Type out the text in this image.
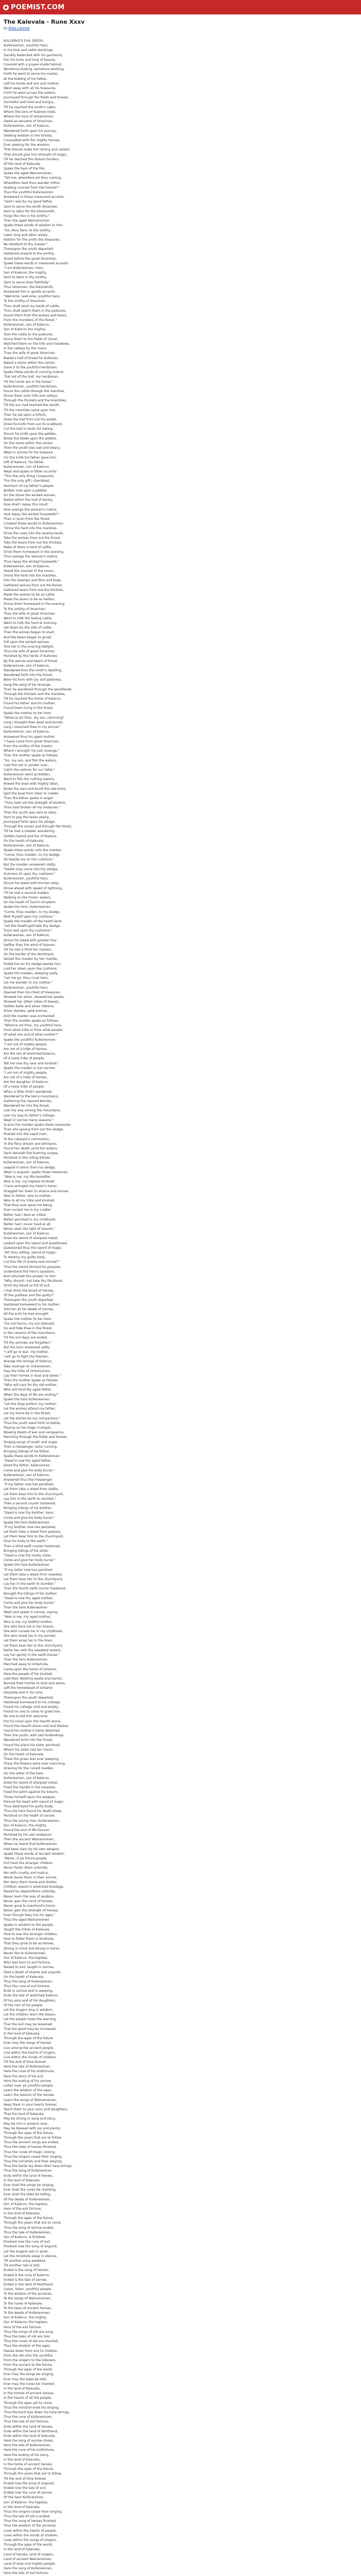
POEMIST.COM
The Kalevala - Rune Xxxv
by Elias Lönnrot
KULLERVO'S EVIL DEEDS.
Kullerwoinen, youthful hero,
In his blue and sable stockings,
Gaudily bedecked with his garments,
Fair his locks and long of beauty,
Covered with a prayer-made helmet,
Wondrous-looking, wondrous-working,
Forth he went to serve his master,
At the bidding of his father,
Left his home and sire and mother,
Went away with all his treasures.
Forth he went across the waters,
Journeyed through the fields and forests,
Sorrowful and tired and hungry,
Till he reached the smith's cabin,
Where the sons of Kalerwo lived,
Where the sons of Untamoinen,
Dwelt as servants of Ilmarinen.
Kullerwoinen, son of Kalervo,
Wandered forth upon his journey,
Seeking wisdom in the forests,
Counselled with the mighty heroes,
Ever seeking for the wisdom,
That should make him strong and valiant,
That should give him strength of magic,
Till he reached the distant borders,
Of the land of Kalevala.
Spake the hero of the fire,
Spake the aged Wainamoinen:
"Tell me, wherefore art thou coming,
Wherefore dost thou wander hither,
Seeking counsel from the heroes?"
Thus the youthful Kullerwoinen
Answered in these measured accents:
"Sent I was by my good father,
Sent to serve the smith Ilmarinen,
Sent to labor for the blacksmith,
Forge the iron in his smithy."
Then the aged Wainamoinen
Spake these words of wisdom to him:
"Go, thou hero, to the smithy,
Labor long and labor wisely,
Fashion for the smith the treasures,
Be obedient to thy master."
Thereupon the youth departed,
Hastened onward to the smithy,
Stood before the great Ilmarinen,
Spake these words in measured accents:
"I am Kullerwoinen, hero,
Son of Kalervo, the mighty,
Sent to labor in thy smithy,
Sent to serve thee faithfully."
Thus Ilmarinen, the blacksmith,
Answered him in gentle accents:
"Welcome, welcome, youthful hero,
To the smithy of Ilmarinen.
Thou shalt tend my herds of cattle,
Thou shalt watch them in the pastures,
Guard them from the wolves and bears,
From the monsters of the forest."
Kullerwoinen, son of Kalervo,
Son of Kalervo the mighty,
Took the cattle to the pastures,
Drove them to the fields of clover,
Watched them on the hills and meadows,
In the valleys by the rivers.
Then the wife of great Ilmarinen
Baked a loaf of bread for Kullerwo,
Baked a stone within the center,
Gave it to the youthful herdsman,
Spake these words of cunning malice:
"Eat not of the loaf, my herdsman,
Till the herds are in the forest."
Kullerwoinen, youthful herdsman,
Drove the cattle through the marshes,
Drove them over hills and valleys,
Through the thickets and the brambles,
Till the sun had reached the zenith,
Till the noontide came upon him.
Then he sat upon a hillock,
Drew the loaf from out his wallet,
Drew his knife from out its scabbard,
Cut the loaf in twain for eating,
Struck his knife upon the pebble,
Broke the blade upon the pebble,
On the stone within the center.
Then the youth was sad and weary,
Wept in sorrow for his treasure,
For the knife his father gave him,
Gift of Kalervo, his father.
Kullerwoinen, son of Kalervo,
Wept and spake in bitter accents:
"This the only thing I treasured,
This the only gift I cherished,
Heirloom of my father's people,
Broken now upon a pebble,
On the stone the wicked woman,
Baked within the loaf of barley.
How shall I repay this insult,
How avenge the woman's malice,
How repay the wicked housewife?"
Then a raven from the forest
Croaked these words to Kullerwoinen:
"Drive the herd into the marshes,
Drive the cows into the swamp-lands,
Take the wolves from out the forest,
Take the bears from out the thickets,
Make of them a herd of cattle,
Drive them homeward in the evening.
Thus avenge the woman's malice,
Thus repay the wicked housewife."
Kullerwoinen, son of Kalervo,
Heard the counsel of the raven,
Drove the herd into the marshes,
Into the swamps and fens and bogs,
Gathered wolves from out the forest,
Gathered bears from out the thickets,
Made the wolves to be as cattle,
Made the bears to be as heifers,
Drove them homeward in the evening,
To the smithy of Ilmarinen.
Then the wife of great Ilmarinen
Went to milk the lowing cattle,
Went to milk the herd at evening,
Sat down by the side of cattle.
Then the wolves began to snarl,
And the bears began to growl,
Fell upon the wicked woman,
Tore her in the evening twilight.
Thus the wife of great Ilmarinen
Perished by the herds of Kullerwo,
By the wolves and bears of forest.
Kullerwoinen, son of Kalervo,
Wandered from the smith's dwelling,
Wandered forth into the forest,
Blew his horn with joy and gladness,
Sang the song of his revenge.
Then he wandered through the woodlands,
Through the thickets and the marshes,
Till he reached the home of Kalervo,
Found his father and his mother,
Found them living in the forest.
Spake the mother to her hero:
"Whence art thou, my son, returning?
Long I thought thee dead and buried,
Long I mourned thee in my sorrow."
Kullerwoinen, son of Kalervo,
Answered thus his aged mother:
"I have come from great Ilmarinen,
From the smithy of the master,
Where I wrought my just revenge."
Then the mother spake as follows:
"Go, my son, and fish the waters,
Cast the net in yonder river,
Catch the salmon for our table."
Kullerwoinen went as bidden,
Went to fish the rushing waters,
Rowed the boat with mighty labor,
Broke the oars and burst the row-locks,
Split the boat from stem to rudder.
Then the father spake in anger:
"Thou hast not the strength of wisdom,
Thou hast broken all my treasures."
Then the youth was sent to labor,
Sent to pay the taxes yearly,
Journeyed forth upon his sledge,
Through the snows and through the forest,
Till he met a maiden wandering,
Golden-haired and fair of feature,
On the heath of Kalevala.
Kullerwoinen, son of Kalervo,
Spake these words unto the maiden:
"Come, thou maiden, to my sledge,
Sit beside me on the cushions."
But the maiden answered coldly:
"Death may come into thy sledge,
Sickness sit upon thy cushions!"
Kullerwoinen, youthful hero,
Struck his steed with birchen whip,
Drove ahead with speed of lightning,
Till he met a second maiden,
Walking on the frozen waters,
On the heath of Tuoni's kingdom.
Spake the hero, Kullerwoinen:
"Come, thou maiden, to my sledge,
Rest thyself upon my cushions."
Spake the maiden of the heath-land:
"Let the Death-god take thy sledge,
Tuoni rest upon thy cushions!"
Kullerwoinen, son of Kalervo,
Drove his steed with greater fury,
Swifter than the wind of heaven,
Till he met a third fair maiden,
On the border of the Northland,
Seized the maiden by her mantle,
Pulled her on his sledge beside him,
Laid her down upon the cushions.
Spake the maiden, weeping sadly:
"Let me go, thou cruel hero,
Let me wander to my mother."
Kullerwoinen, youthful hero,
Opened then his chest of treasures,
Showed her silver, showed her jewels,
Showed her silken robes of beauty,
Golden belts and silver ribbons;
Silver dazzles, gold entices,
And the maiden was enchanted.
Then the maiden spake as follows:
"Whence art thou, my youthful hero,
From what tribe or from what people,
Of what sire and of what mother?"
Spake the youthful Kullerwoinen:
"I am not of mighty people,
Am not of a tribe of heroes,
Am the son of wretched Kalervo,
Of a lowly tribe of people.
Tell me now thy race and kindred."
Spake the maiden in her sorrow:
"I am not of mighty people,
Am not of a tribe of heroes,
Am the daughter of Kalervo,
Of a lowly tribe of people.
When a little child I wandered,
Wandered to the berry-mountains,
Gathering the ripened berries,
Wandered far into the forest,
Lost my way among the mountains,
Lost my way to father's cottage,
Wept in sorrow many seasons."
Scarce the maiden spake these measures,
Than she sprang from out the sledge,
Rushed into the rapid river,
To the cataract's commotion,
To the fiery stream and whirlpool,
Found her death amid the waters,
Sank beneath the foaming surges,
Perished in the rolling billows.
Kullerwoinen, son of Kalervo,
Leaped in terror from his sledge,
Wept in anguish, spake these measures:
"Woe is me, my life hereafter,
Woe is me, my hapless kindred!
I have wronged my sister's honor,
Dragged her down to shame and sorrow,
Woe to father, woe to mother,
Woe to all my tribe and kindred,
That they ever gave me being,
Ever nursed me in my cradle!
Better had I died an infant,
Better perished in my childhood,
Better had I never lived at all,
Never seen the light of heaven."
Kullerwoinen, son of Kalervo,
Drew his sword of sharpest metal,
Looked upon the sword and questioned,
Questioned thus the sword of magic:
"Art thou willing, sword of magic,
To destroy my guilty body,
Cut this life of shame and sorrow?"
Thus the sword divined his purpose,
Understood the hero's question,
And returned this answer to him:
"Why should I not take thy life-blood,
Drink thy blood so full of evil,
I that drink the blood of heroes,
Of the guiltless and the guilty?"
Thereupon the youth departed,
Hastened homeward to his mother,
Told her all his deeds of sorrow,
All the evils he had wrought.
Spake the mother to her hero:
"Go not hence, my son beloved,
Go and hide thee in the forest,
In the caverns of the mountains,
Till the evil days are ended,
Till thy sorrows are forgotten."
But the hero answered sadly:
"I will go to war, my mother,
I will go to fight the foemen,
Avenge the wrongs of Kalervo,
Take revenge on Untamoinen,
Slay the tribe of Untamoinen,
Lay their homes in dust and ashes."
Then the mother spake as follows:
"Who will care for thy old mother,
Who will tend thy aged father,
When the days of life are ending?"
Spake the hero Kullerwoinen:
"Let the dogs protect my mother,
Let the wolves attend my father,
Let my home be in the forest,
Let the stones be my companions."
Thus the youth went forth to battle,
Playing on his magic trumpet,
Blowing blasts of war and vengeance,
Marching through the fields and forests,
Singing songs of wrath and anger.
Then a messenger came running,
Bringing tidings of his father,
Spake these words to Kullerwoinen:
"Dead is now thy aged father,
Dead thy father, Kalervoinen.
Come and give his body burial."
Kullerwoinen, son of Kalervo,
Answered thus the messenger:
"If my father now has perished,
Let them take a steed from stable,
Let them bear him to the churchyard,
Lay him in the earth to slumber."
Then a second courier hastened,
Bringing tidings of his brother:
"Dead is now thy brother, hero,
Come and give his body burial."
Spake the hero Kullerwoinen:
"If my brother now has perished,
Let them take a steed from pasture,
Let them bear him to the churchyard,
Give his body to the earth."
Then a third swift courier hastened,
Bringing tidings of his sister:
"Dead is now thy lovely sister,
Come and give her body burial."
Spake the hero Kullerwoinen:
"If my sister now has perished,
Let them take a steed from meadow,
Let them bear her to the churchyard,
Lay her in the earth to slumber."
Then the fourth swift courier hastened,
Brought the tidings of his mother:
"Dead is now thy aged mother,
Come and give her body burial."
Then the hero Kullerwoinen
Wept and spake in sorrow, saying:
"Woe is me, my aged mother,
Woe is me, my faithful mother,
She who bore me in her bosom,
She who nursed me in my childhood,
She who loved me in my sorrow!
Let them wrap her in the linen,
Let them bear her to the churchyard,
Bathe her with the sweetest waters,
Lay her gently in the earth-house."
Then the hero Kullerwoinen
Marched away to Untamola,
Came upon the home of Untamo,
Slew the people of his kindred,
Laid their dwelling waste and barren,
Burned their homes to dust and ashes,
Left the homestead of Untamo
Desolate and in its ruins.
Thereupon the youth departed,
Hastened homeward to his cottage,
Found his cottage void and empty,
Found no one to come to greet him,
No one to bid him welcome,
Put his hand upon the hearth-stone,
Found the hearth-stone cold and lifeless,
Found his mother's home deserted.
Then the youth, with sad forebodings,
Wandered forth into the forest,
Found the place his sister perished,
Where his sister lost her honor,
On the heath of Kalevala.
There the grass was ever weeping,
There the flowers were ever mourning,
Grieving for the ruined maiden,
For the sister of the hero.
Kullerwoinen, son of Kalervo,
Drew his sword of sharpest metal,
Fixed the handle in the meadow,
Fixed the point against his bosom,
Threw himself upon the weapon,
Pierced his heart with sword of magic,
Thus destroyed his guilty body,
Thus the hero found his death-sleep,
Perished on the heath of sorrow.
Thus the young man, Kullerwoinen,
Son of Kalervo, the mighty,
Found the end of life forever,
Perished by his own endeavor.
Then the ancient Wainamoinen,
When he heard that Kullerwoinen
Had been slain by his own weapon,
Spake these words of ancient wisdom:
"Never, O ye future people,
Evil treat the stranger children,
Never foster them unkindly,
Nor with cruelty and malice;
Never leave them in their sorrow,
Nor deny them home and shelter.
Children reared in wretched bondage,
Raised by stepmothers unkindly,
Never learn the way of wisdom,
Never gain the mind of heroes,
Never grow to manhood's honor,
Never gain the strength of heroes,
Even though they live for ages."
Thus the aged Wainamoinen
Spake in wisdom to the people,
Taught the tribes of Kalevala
How to rear the stranger children,
How to foster them in kindness,
That they grow to be as heroes,
Strong in mind and strong in honor,
Never like to Kullerwoinen,
Son of Kalervo, the hapless,
Who was born to evil fortune,
Raised to evil, taught in sorrow,
Died a death of shame and anguish,
On the heath of Kalevala.
Thus the song of Kullerwoinen,
Thus the rune of evil fortune,
Ends in sorrow and in weeping,
Ends the tale of wretched Kalervo,
Of his sons and of his daughters,
Of the ruin of his people.
Let the singers sing in wisdom,
Let the children learn the lesson,
Let the people heed the warning,
That the evil may be lessened,
That the good may be increased,
In the land of Kalevala,
Through the ages of the future.
Ever may the songs of heroes
Live among the ancient people,
Live within the hearts of singers,
Live within the minds of children,
Till the end of time forever.
Here the tale of Kullerwoinen,
Here the rune of his misfortune,
Here the story of his evil,
Here the ending of his sorrow.
Listen now, ye youthful people,
Learn the wisdom of the ages,
Learn the lessons of the heroes,
Learn the songs of Wainamoinen,
Keep them in your hearts forever,
Teach them to your sons and daughters,
That the land of Kalevala
May be strong in song and story,
May be rich in wisdom ever,
May be blessed with joy and plenty,
Through the ages of the future,
Through the years that are to follow.
Thus the ancient songs are ended,
Thus the tales of heroes finished,
Thus the runes of magic closing,
Thus the singers cease their singing,
Thus the minstrels end their playing,
Thus the bards lay down their harp-strings,
Thus the song of Kullerwoinen
Ends within the land of heroes,
In the land of Kalevala.
Ever shall the songs be singing,
Ever shall the runes be chanting,
Ever shall the tales be telling,
Of the deeds of Kullerwoinen,
Son of Kalervo, the hapless,
Hero of the evil fortune,
In the land of Kalevala,
Through the ages of the future,
Through the years that are to come.
Thus the song of sorrow ended,
Thus the tale of Kullerwoinen,
Son of Kalervo, is finished,
Finished now the rune of evil,
Finished now the song of anguish.
Let the singers rest in quiet,
Let the minstrels sleep in silence,
Till another song awakens,
Till another tale is told.
Ended is the song of heroes,
Ended is the rune of Kalervo,
Ended is the tale of sorrow,
Ended in the land of Northland.
Listen, listen, youthful people,
To the wisdom of the ancients,
To the songs of Wainamoinen,
To the runes of Kalevala,
To the tales of ancient heroes,
To the deeds of Kullerwoinen,
Son of Kalervo, the mighty,
Son of Kalervo, the hapless,
Hero of the evil fortune.
Thus the songs of old are sung,
Thus the tales of old are told,
Thus the runes of old are chanted,
Thus the wisdom of the ages
Passes down from sire to children,
From the old unto the youthful,
From the singers to the listeners,
From the ancient to the future,
Through the ages of the world.
Ever may the songs be singing,
Ever may the tales be told,
Ever may the runes be chanted,
In the land of Kalevala,
In the homes of ancient heroes,
In the hearts of all the people,
Through the ages yet to come.
Thus the minstrel ends his singing,
Thus the bard lays down his harp-strings,
Thus the rune of Kullerwoinen,
Thus the tale of evil fortune,
Ends within the land of heroes,
Ends within the land of Northland,
Ends within the land of Kalevala.
Here the song of sorrow closes,
Here the tale of Kullerwoinen,
Here the rune of his misfortune,
Here the ending of his story,
In the land of Kalevala,
In the home of ancient heroes,
Through the ages of the future,
Through the years that are to follow,
Till the end of time forever.
Ended now the song of anguish,
Ended now the tale of evil,
Ended now the rune of sorrow,
Of the hero Kullerwoinen,
Son of Kalervo, the hapless,
In the land of Kalevala.
Thus the singers cease their singing,
Thus the tale of old is ended,
Thus the song of heroes finished,
Thus the wisdom of the ancients
Lives within the hearts of people,
Lives within the minds of children,
Lives within the songs of singers,
Through the ages of the world,
In the land of Kalevala,
Land of heroes, land of singers,
Land of ancient Wainamoinen,
Land of wise and mighty people.
Here the song of Kullerwoinen,
Here the tale of evil fortune,
